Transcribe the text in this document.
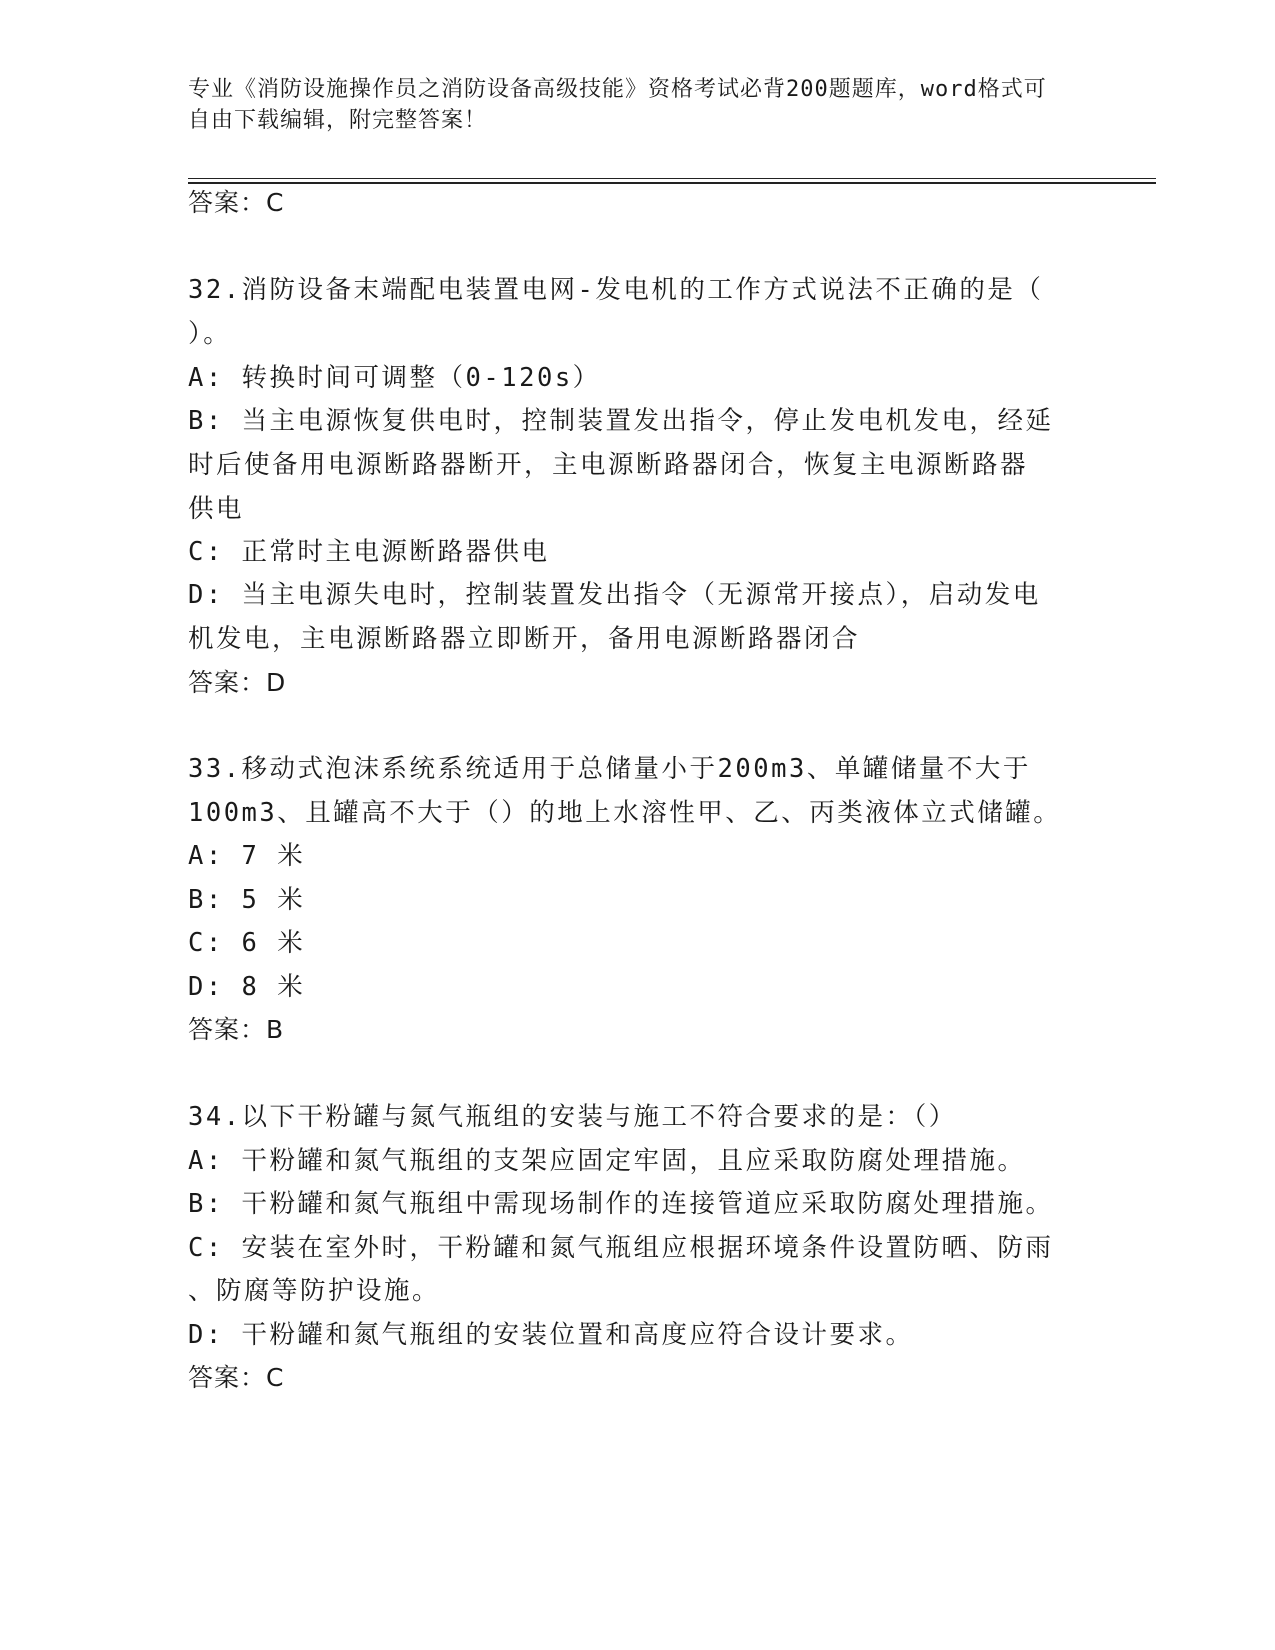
专业《消防设施操作员之消防设备高级技能》资格考试必背200题题库，word格式可自由下载编辑，附完整答案！
答案：C
32.消防设备末端配电装置电网-发电机的工作方式说法不正确的是（
）。
A: 转换时间可调整（0-120s）
B: 当主电源恢复供电时，控制装置发出指令，停止发电机发电，经延
时后使备用电源断路器断开，主电源断路器闭合，恢复主电源断路器
供电
C: 正常时主电源断路器供电
D: 当主电源失电时，控制装置发出指令（无源常开接点），启动发电
机发电，主电源断路器立即断开，备用电源断路器闭合
答案：D
33.移动式泡沫系统系统适用于总储量小于200m3、单罐储量不大于
100m3、且罐高不大于（）的地上水溶性甲、乙、丙类液体立式储罐。
A: 7 米
B: 5 米
C: 6 米
D: 8 米
答案：B
34.以下干粉罐与氮气瓶组的安装与施工不符合要求的是：（）
A: 干粉罐和氮气瓶组的支架应固定牢固，且应采取防腐处理措施。
B: 干粉罐和氮气瓶组中需现场制作的连接管道应采取防腐处理措施。
C: 安装在室外时，干粉罐和氮气瓶组应根据环境条件设置防晒、防雨
、防腐等防护设施。
D: 干粉罐和氮气瓶组的安装位置和高度应符合设计要求。
答案：C
